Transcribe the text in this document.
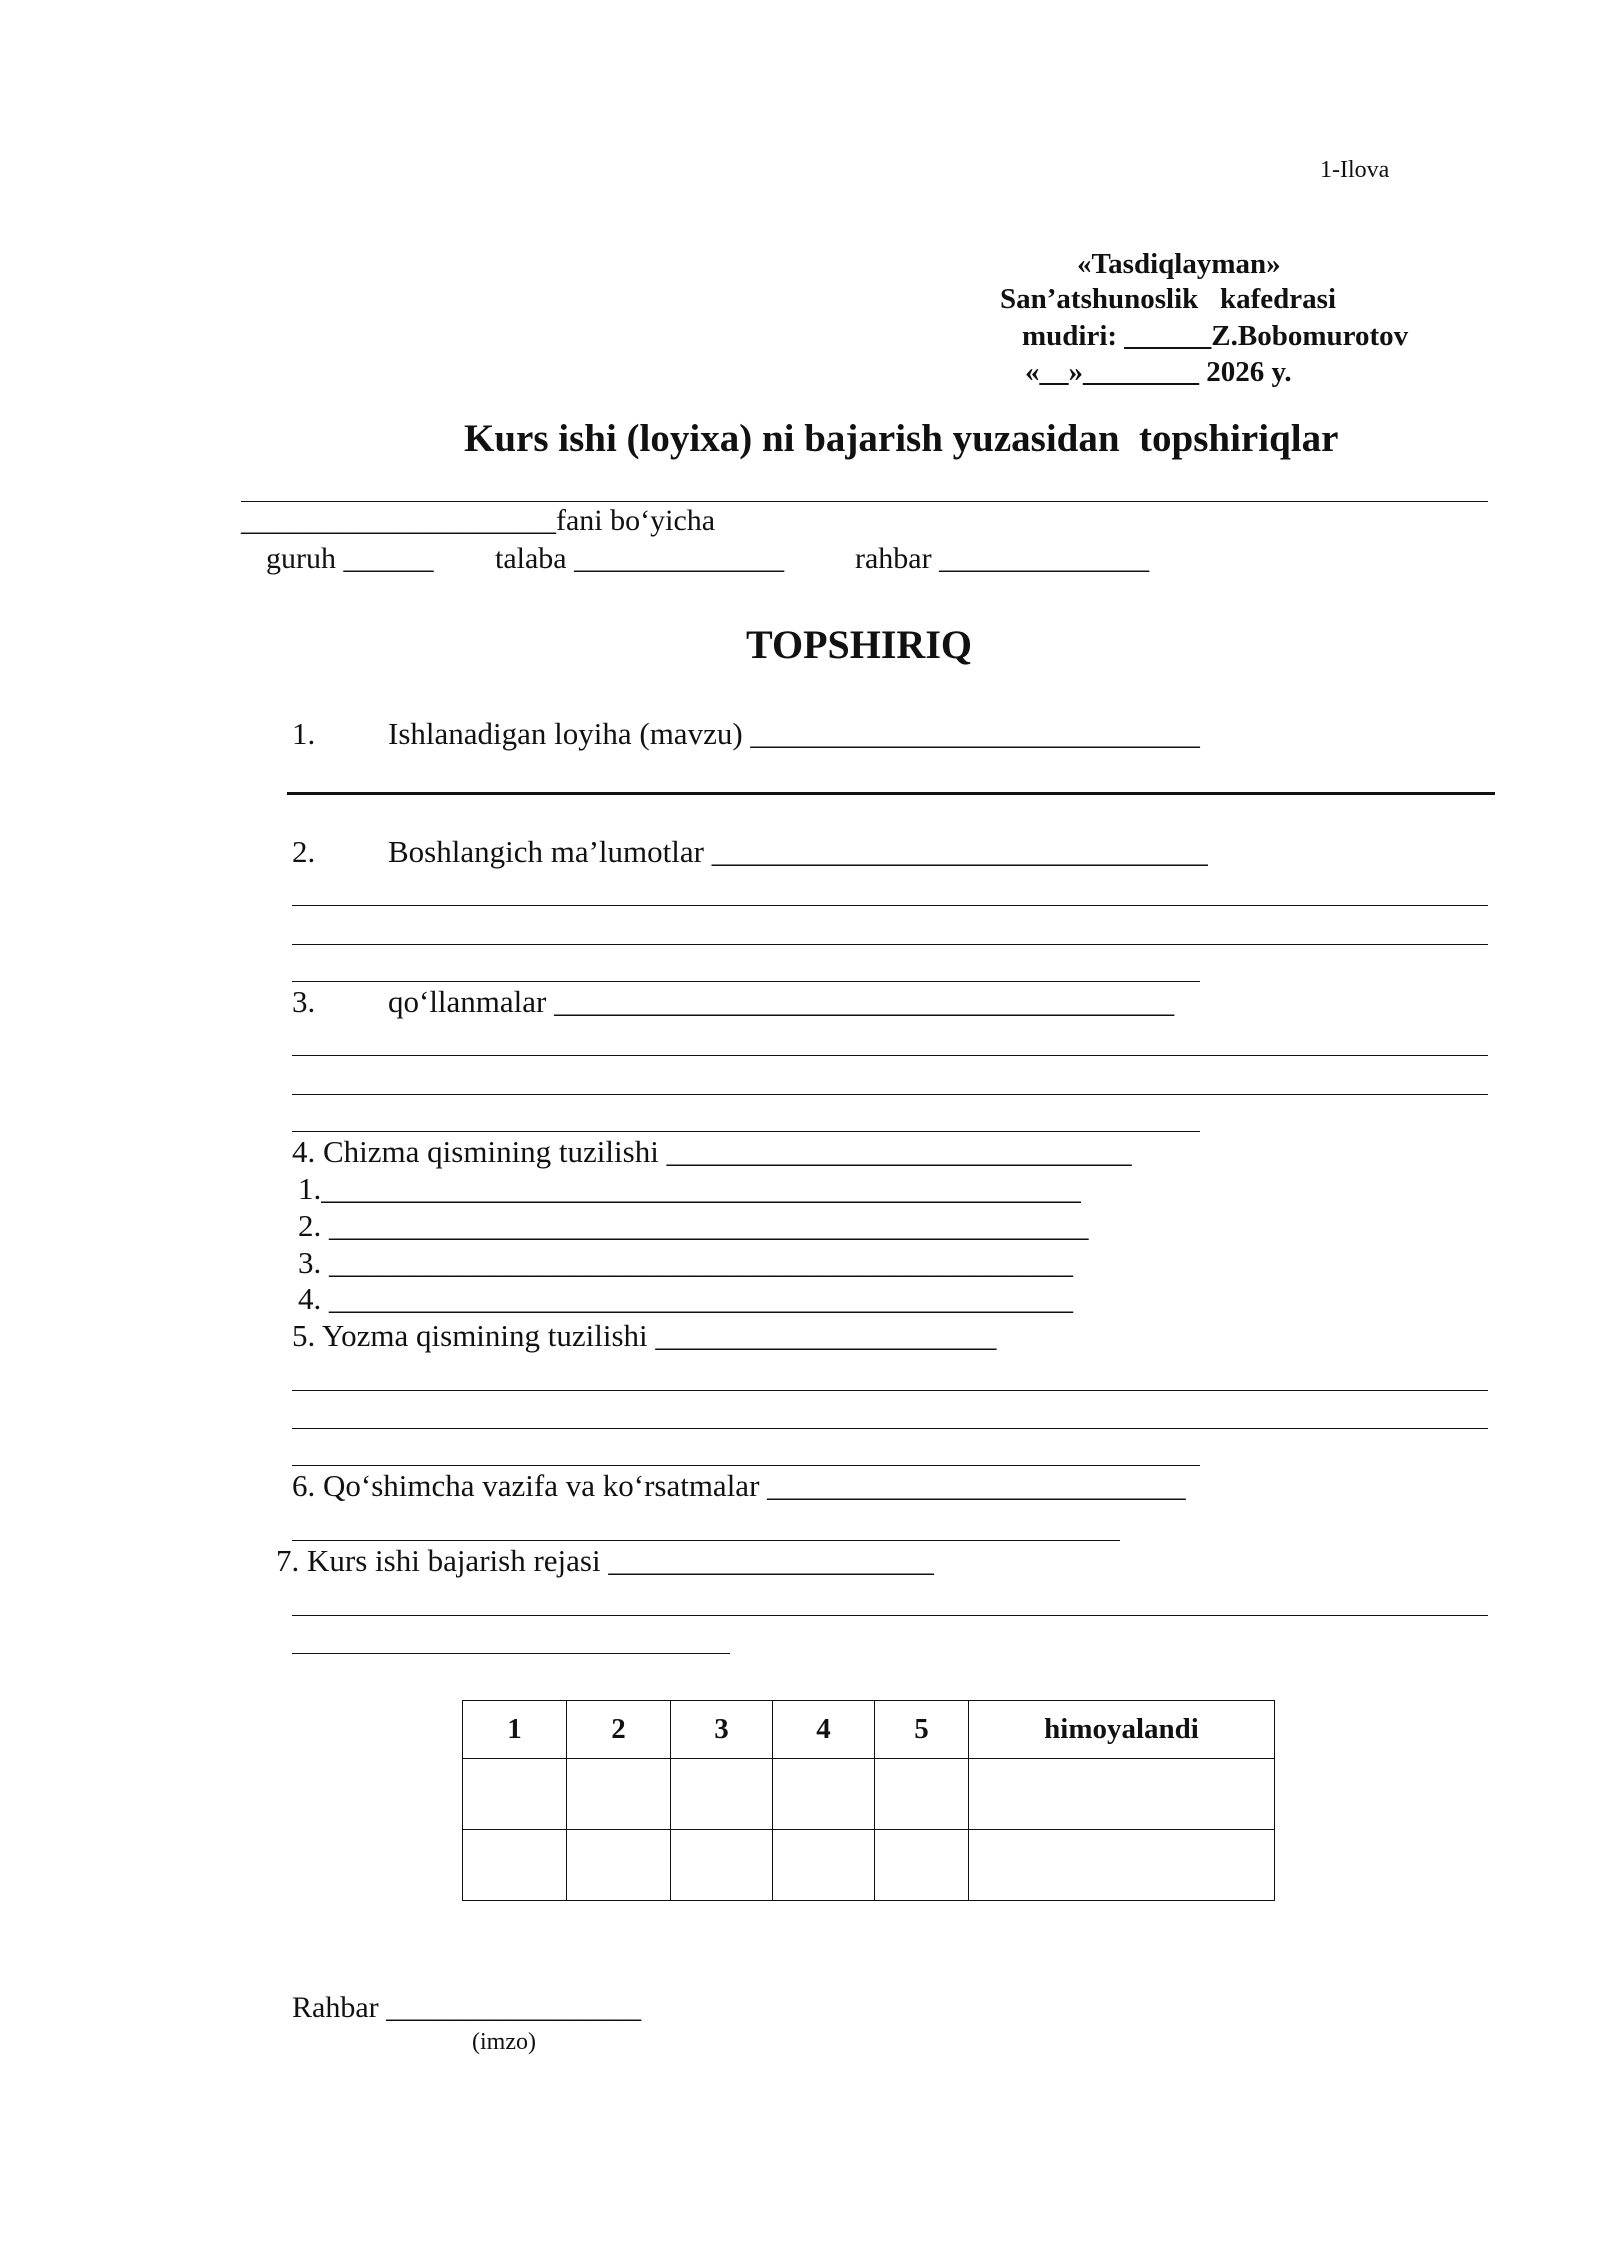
1-Ilova
«Tasdiqlayman»
San’atshunoslik   kafedrasi
mudiri: ______Z.Bobomurotov
«__»________ 2026 y.
Kurs ishi (loyixa) ni bajarish yuzasidan  topshiriqlar
_____________________fani bo‘yicha
guruh ______ talaba ______________ rahbar ______________
TOPSHIRIQ
1. Ishlanadigan loyiha (mavzu) _____________________________
2. Boshlangich ma’lumotlar ________________________________
3. qo‘llanmalar ________________________________________
4. Chizma qismining tuzilishi ______________________________
1._________________________________________________
2. _________________________________________________
3. ________________________________________________
4. ________________________________________________
5. Yozma qismining tuzilishi ______________________
6. Qo‘shimcha vazifa va ko‘rsatmalar ___________________________
7. Kurs ishi bajarish rejasi _____________________
1	2	3	4	5	himoyalandi

Rahbar _________________
(imzo)
